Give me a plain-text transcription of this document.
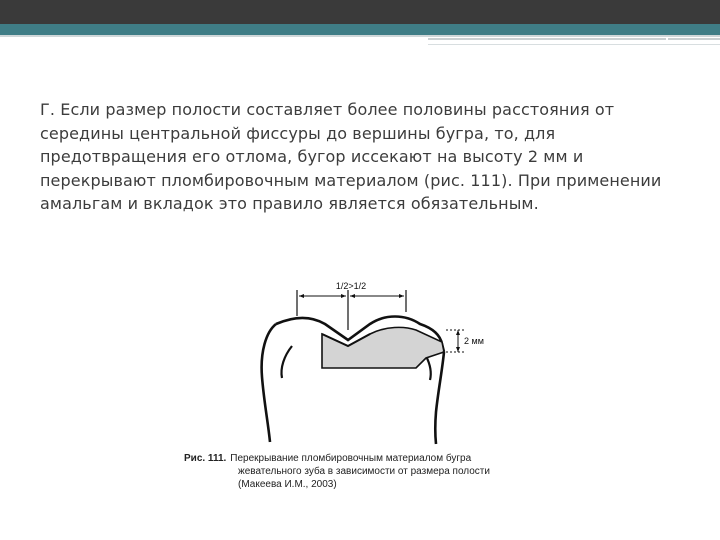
Г. Если размер полости составляет более половины расстояния от середины центральной фиссуры до вершины бугра, то, для предотвращения его отлома, бугор иссекают на высоту 2 мм и перекрывают пломбировочным материалом (рис. 111). При применении амальгам и вкладок это правило является обязательным.

1/2>1/2
2 мм
Рис. 111. Перекрывание пломбировочным материалом бугра
жевательного зуба в зависимости от размера полости
(Макеева И.М., 2003)
